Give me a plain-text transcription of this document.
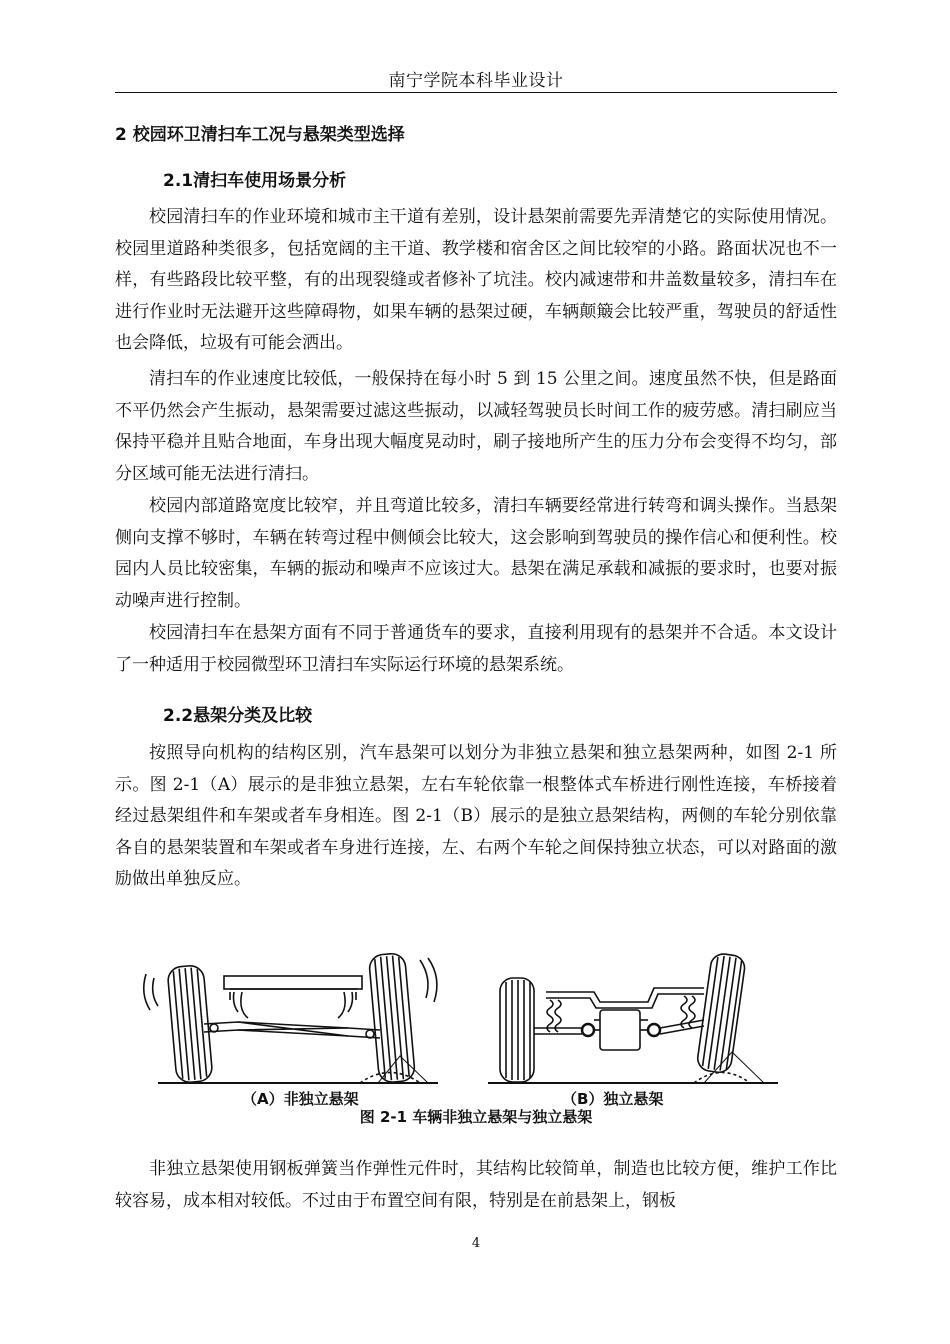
南宁学院本科毕业设计
2 校园环卫清扫车工况与悬架类型选择
2.1清扫车使用场景分析

校园清扫车的作业环境和城市主干道有差别，设计悬架前需要先弄清楚它的实际使用情况。校园里道路种类很多，包括宽阔的主干道、教学楼和宿舍区之间比较窄的小路。路面状况也不一样，有些路段比较平整，有的出现裂缝或者修补了坑洼。校内减速带和井盖数量较多，清扫车在进行作业时无法避开这些障碍物，如果车辆的悬架过硬，车辆颠簸会比较严重，驾驶员的舒适性也会降低，垃圾有可能会洒出。

清扫车的作业速度比较低，一般保持在每小时 5 到 15 公里之间。速度虽然不快，但是路面不平仍然会产生振动，悬架需要过滤这些振动，以减轻驾驶员长时间工作的疲劳感。清扫刷应当保持平稳并且贴合地面，车身出现大幅度晃动时，刷子接地所产生的压力分布会变得不均匀，部分区域可能无法进行清扫。

校园内部道路宽度比较窄，并且弯道比较多，清扫车辆要经常进行转弯和调头操作。当悬架侧向支撑不够时，车辆在转弯过程中侧倾会比较大，这会影响到驾驶员的操作信心和便利性。校园内人员比较密集，车辆的振动和噪声不应该过大。悬架在满足承载和减振的要求时，也要对振动噪声进行控制。

校园清扫车在悬架方面有不同于普通货车的要求，直接利用现有的悬架并不合适。本文设计了一种适用于校园微型环卫清扫车实际运行环境的悬架系统。

2.2悬架分类及比较

按照导向机构的结构区别，汽车悬架可以划分为非独立悬架和独立悬架两种，如图 2-1 所示。图 2-1（A）展示的是非独立悬架，左右车轮依靠一根整体式车桥进行刚性连接，车桥接着经过悬架组件和车架或者车身相连。图 2-1（B）展示的是独立悬架结构，两侧的车轮分别依靠各自的悬架装置和车架或者车身进行连接，左、右两个车轮之间保持独立状态，可以对路面的激励做出单独反应。

（A）非独立悬架	（B）独立悬架
图 2-1 车辆非独立悬架与独立悬架

非独立悬架使用钢板弹簧当作弹性元件时，其结构比较简单，制造也比较方便，维护工作比较容易，成本相对较低。不过由于布置空间有限，特别是在前悬架上，钢板

4
